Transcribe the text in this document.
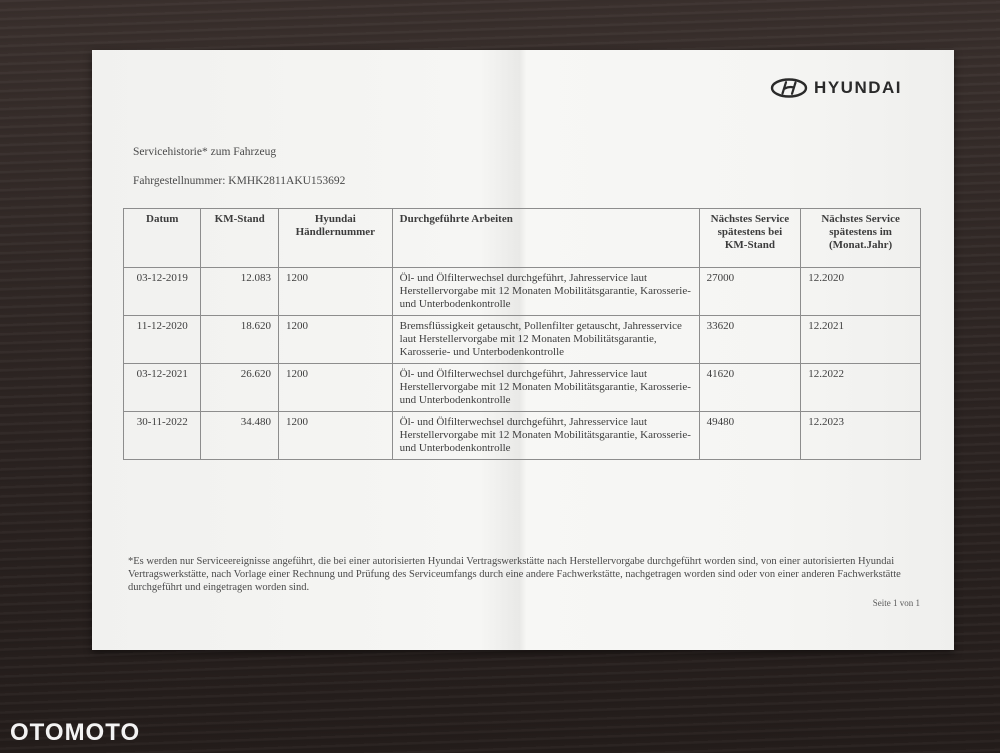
HYUNDAI
Servicehistorie* zum Fahrzeug
Fahrgestellnummer: KMHK2811AKU153692
Datum	KM-Stand	Hyundai Händlernummer	Durchgeführte Arbeiten	Nächstes Service spätestens bei KM-Stand	Nächstes Service spätestens im (Monat.Jahr)
03-12-2019	12.083	1200	Öl- und Ölfilterwechsel durchgeführt, Jahresservice laut Herstellervorgabe mit 12 Monaten Mobilitätsgarantie, Karosserie- und Unterbodenkontrolle	27000	12.2020
11-12-2020	18.620	1200	Bremsflüssigkeit getauscht, Pollenfilter getauscht, Jahresservice laut Herstellervorgabe mit 12 Monaten Mobilitätsgarantie, Karosserie- und Unterbodenkontrolle	33620	12.2021
03-12-2021	26.620	1200	Öl- und Ölfilterwechsel durchgeführt, Jahresservice laut Herstellervorgabe mit 12 Monaten Mobilitätsgarantie, Karosserie- und Unterbodenkontrolle	41620	12.2022
30-11-2022	34.480	1200	Öl- und Ölfilterwechsel durchgeführt, Jahresservice laut Herstellervorgabe mit 12 Monaten Mobilitätsgarantie, Karosserie- und Unterbodenkontrolle	49480	12.2023
*Es werden nur Serviceereignisse angeführt, die bei einer autorisierten Hyundai Vertragswerkstätte nach Herstellervorgabe durchgeführt worden sind, von einer autorisierten Hyundai Vertragswerkstätte, nach Vorlage einer Rechnung und Prüfung des Serviceumfangs durch eine andere Fachwerkstätte, nachgetragen worden sind oder von einer anderen Fachwerkstätte durchgeführt und eingetragen worden sind.
Seite 1 von 1
OTOMOTO
